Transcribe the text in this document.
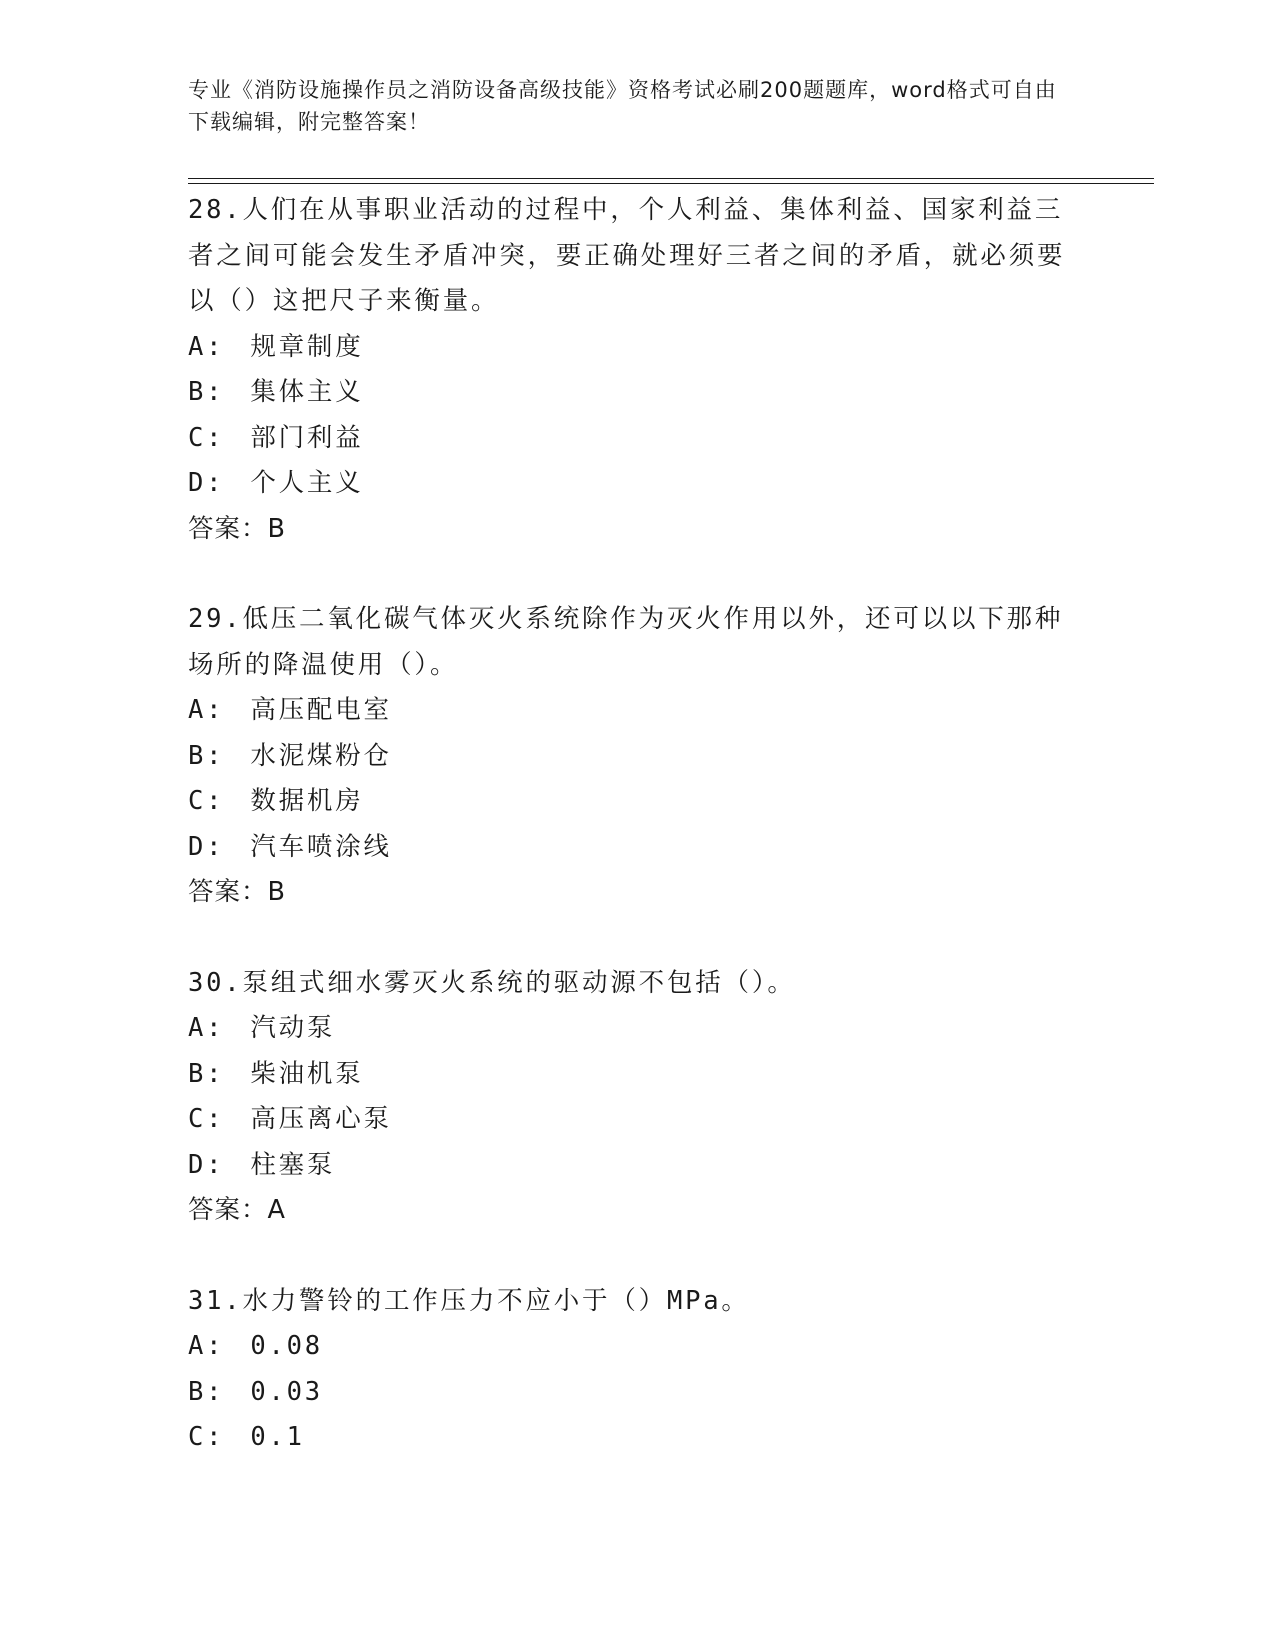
专业《消防设施操作员之消防设备高级技能》资格考试必刷200题题库，word格式可自由下载编辑，附完整答案！
28.人们在从事职业活动的过程中，个人利益、集体利益、国家利益三者之间可能会发生矛盾冲突，要正确处理好三者之间的矛盾，就必须要以（）这把尺子来衡量。
A: 规章制度
B: 集体主义
C: 部门利益
D: 个人主义
答案：B
29.低压二氧化碳气体灭火系统除作为灭火作用以外，还可以以下那种场所的降温使用（）。
A: 高压配电室
B: 水泥煤粉仓
C: 数据机房
D: 汽车喷涂线
答案：B
30.泵组式细水雾灭火系统的驱动源不包括（）。
A: 汽动泵
B: 柴油机泵
C: 高压离心泵
D: 柱塞泵
答案：A
31.水力警铃的工作压力不应小于（）MPa。
A: 0.08
B: 0.03
C: 0.1
